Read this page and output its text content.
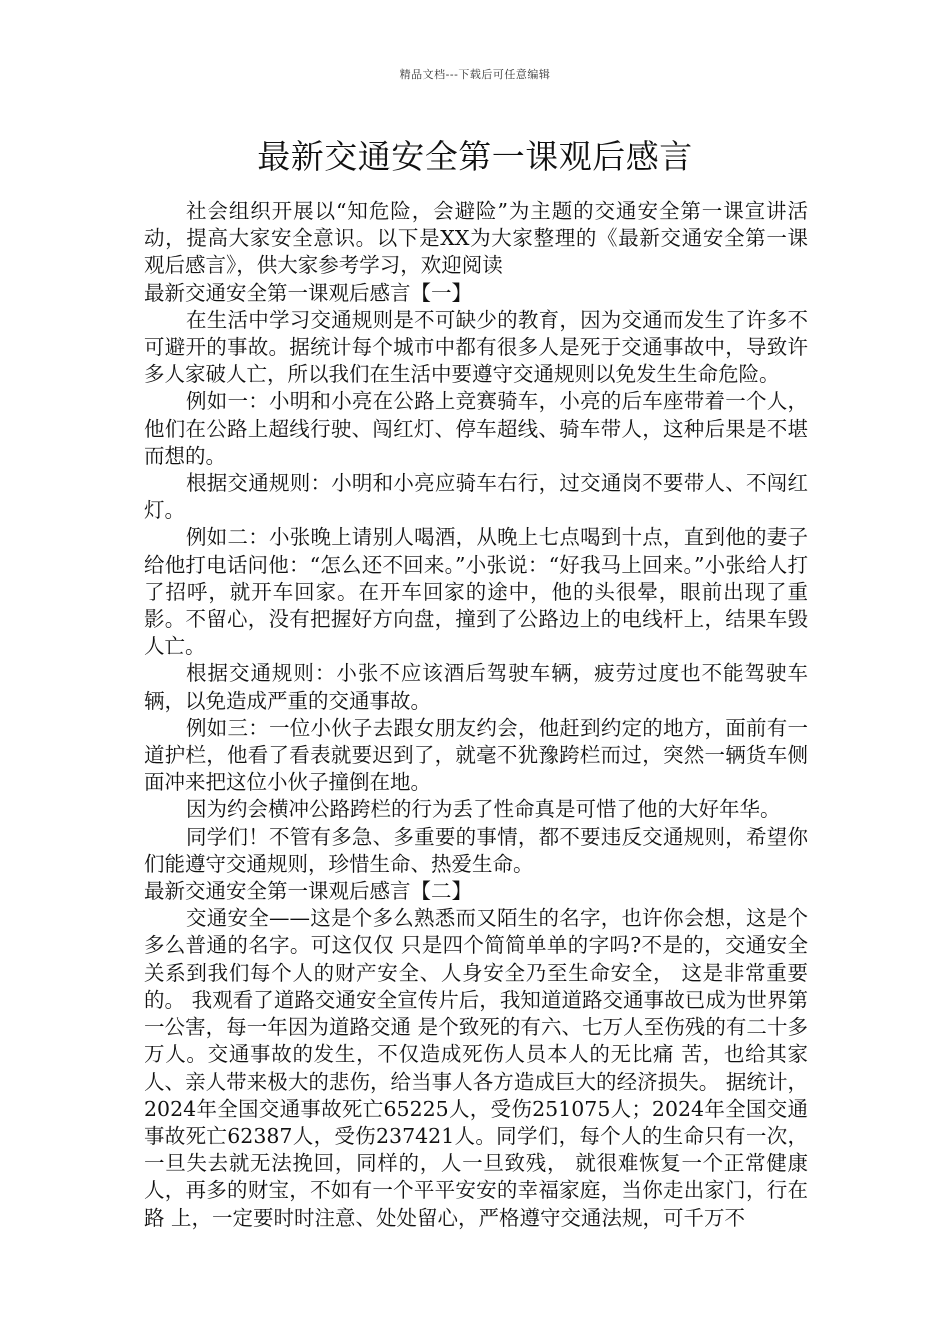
精品文档---下载后可任意编辑
最新交通安全第一课观后感言

社会组织开展以“知危险，会避险”为主题的交通安全第一课宣讲活动，提高大家安全意识。以下是XX为大家整理的《最新交通安全第一课观后感言》，供大家参考学习，欢迎阅读

最新交通安全第一课观后感言【一】

在生活中学习交通规则是不可缺少的教育，因为交通而发生了许多不可避开的事故。据统计每个城市中都有很多人是死于交通事故中，导致许多人家破人亡，所以我们在生活中要遵守交通规则以免发生生命危险。

例如一：小明和小亮在公路上竞赛骑车，小亮的后车座带着一个人，他们在公路上超线行驶、闯红灯、停车超线、骑车带人，这种后果是不堪而想的。

根据交通规则：小明和小亮应骑车右行，过交通岗不要带人、不闯红灯。

例如二：小张晚上请别人喝酒，从晚上七点喝到十点，直到他的妻子给他打电话问他：“怎么还不回来。”小张说：“好我马上回来。”小张给人打了招呼，就开车回家。在开车回家的途中，他的头很晕，眼前出现了重影。不留心，没有把握好方向盘，撞到了公路边上的电线杆上，结果车毁人亡。

根据交通规则：小张不应该酒后驾驶车辆，疲劳过度也不能驾驶车辆，以免造成严重的交通事故。

例如三：一位小伙子去跟女朋友约会，他赶到约定的地方，面前有一道护栏，他看了看表就要迟到了，就毫不犹豫跨栏而过，突然一辆货车侧面冲来把这位小伙子撞倒在地。

因为约会横冲公路跨栏的行为丢了性命真是可惜了他的大好年华。

同学们！不管有多急、多重要的事情，都不要违反交通规则，希望你们能遵守交通规则，珍惜生命、热爱生命。

最新交通安全第一课观后感言【二】

交通安全——这是个多么熟悉而又陌生的名字，也许你会想，这是个多么普通的名字。可这仅仅 只是四个简简单单的字吗?不是的，交通安全关系到我们每个人的财产安全、人身安全乃至生命安全， 这是非常重要的。 我观看了道路交通安全宣传片后，我知道道路交通事故已成为世界第一公害，每一年因为道路交通 是个致死的有六、七万人至伤残的有二十多万人。交通事故的发生，不仅造成死伤人员本人的无比痛 苦，也给其家人、亲人带来极大的悲伤，给当事人各方造成巨大的经济损失。 据统计，2024年全国交通事故死亡65225人，受伤251075人；2024年全国交通事故死亡62387人，受伤237421人。同学们，每个人的生命只有一次，一旦失去就无法挽回，同样的，人一旦致残， 就很难恢复一个正常健康人，再多的财宝，不如有一个平平安安的幸福家庭，当你走出家门，行在路 上，一定要时时注意、处处留心，严格遵守交通法规，可千万不
